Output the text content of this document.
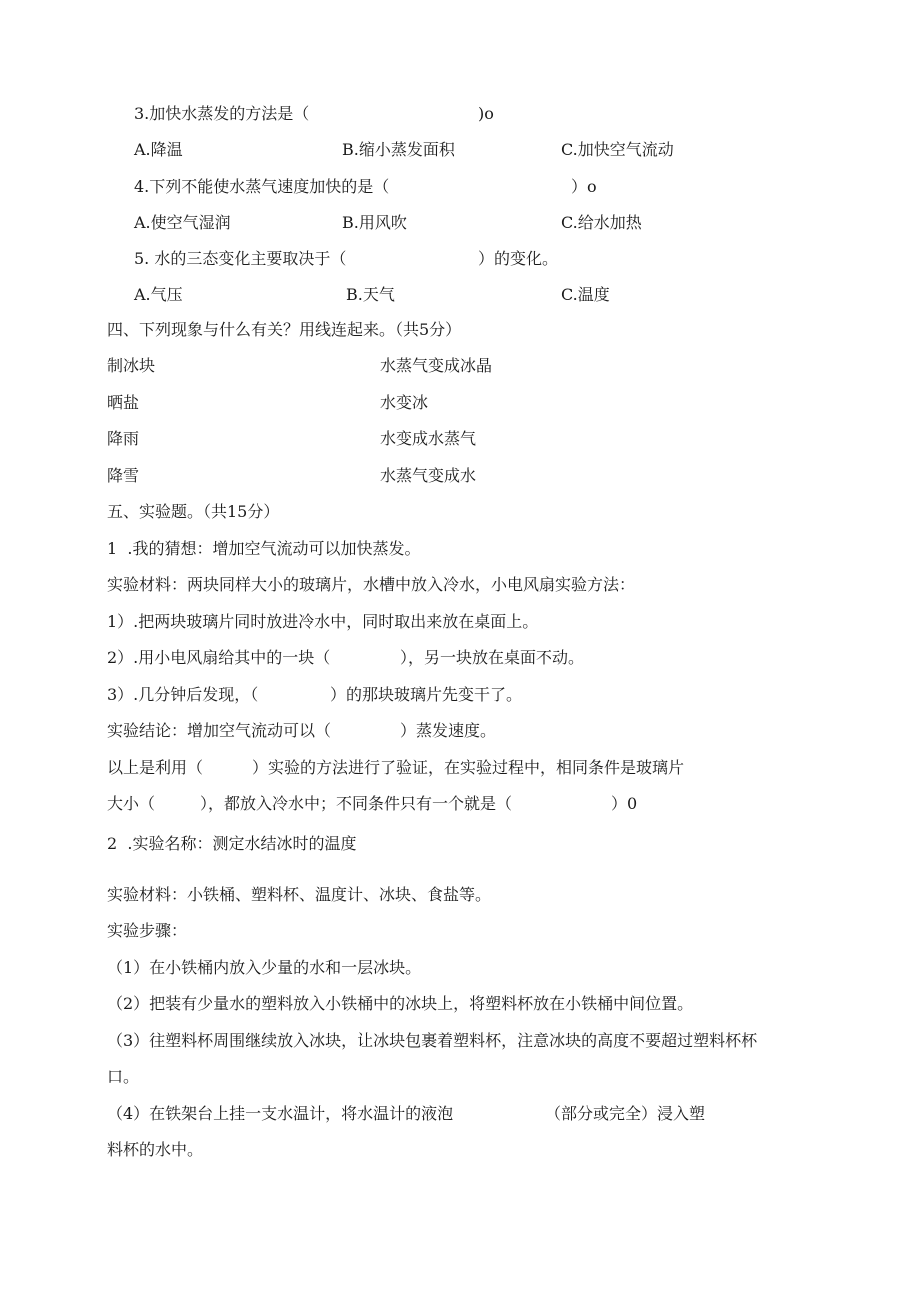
3.加快水蒸发的方法是（	)o
A.降温	B.缩小蒸发面积	C.加快空气流动
4.下列不能使水蒸气速度加快的是（	）o
A.使空气湿润	B.用风吹	C.给水加热
5. 水的三态变化主要取决于（	）的变化。
A.气压	B.天气	C.温度
四、下列现象与什么有关？用线连起来。（共5分）
制冰块	水蒸气变成冰晶
晒盐	水变冰
降雨	水变成水蒸气
降雪	水蒸气变成水
五、实验题。（共15分）
1  .我的猜想：增加空气流动可以加快蒸发。
实验材料：两块同样大小的玻璃片，水槽中放入冷水，小电风扇实验方法：
1）.把两块玻璃片同时放进冷水中，同时取出来放在桌面上。
2）.用小电风扇给其中的一块（	），另一块放在桌面不动。
3）.几分钟后发现，（	）的那块玻璃片先变干了。
实验结论：增加空气流动可以（	）蒸发速度。
以上是利用（	）实验的方法进行了验证，在实验过程中，相同条件是玻璃片
大小（	），都放入冷水中；不同条件只有一个就是（	）0
2  .实验名称：测定水结冰时的温度
实验材料：小铁桶、塑料杯、温度计、冰块、食盐等。
实验步骤：
（1）在小铁桶内放入少量的水和一层冰块。
（2）把装有少量水的塑料放入小铁桶中的冰块上，将塑料杯放在小铁桶中间位置。
（3）往塑料杯周围继续放入冰块，让冰块包裹着塑料杯，注意冰块的高度不要超过塑料杯杯
口。
（4）在铁架台上挂一支水温计，将水温计的液泡	（部分或完全）浸入塑
料杯的水中。
